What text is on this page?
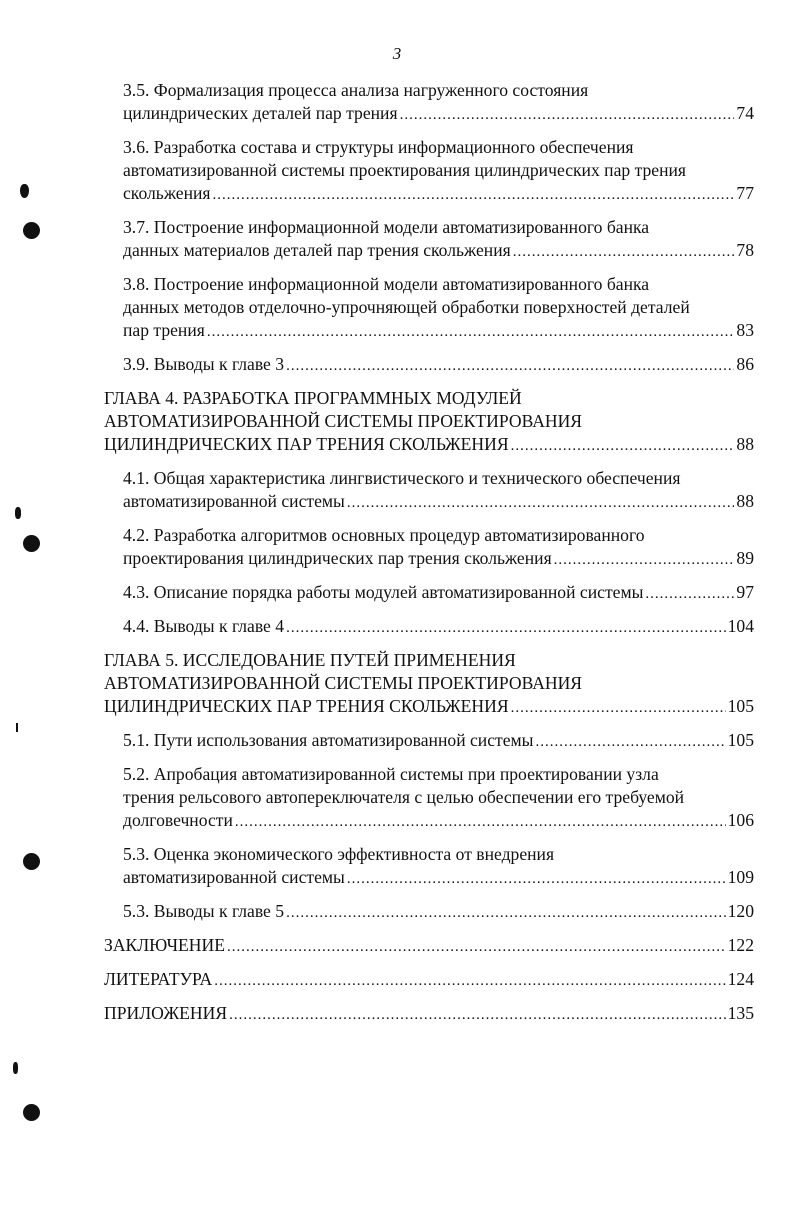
3
3.5. Формализация процесса анализа нагруженного состояния
цилиндрических деталей пар трения .....	74
3.6. Разработка состава и структуры информационного обеспечения
автоматизированной системы проектирования цилиндрических пар трения
скольжения .....	77
3.7. Построение информационной модели автоматизированного банка
данных материалов деталей пар трения скольжения .....	78
3.8. Построение информационной модели автоматизированного банка
данных методов отделочно-упрочняющей обработки поверхностей деталей
пар трения .....	83
3.9. Выводы к главе 3 .....	86
ГЛАВА 4. РАЗРАБОТКА ПРОГРАММНЫХ МОДУЛЕЙ
АВТОМАТИЗИРОВАННОЙ СИСТЕМЫ ПРОЕКТИРОВАНИЯ
ЦИЛИНДРИЧЕСКИХ ПАР ТРЕНИЯ СКОЛЬЖЕНИЯ .....	88
4.1. Общая характеристика лингвистического и технического обеспечения
автоматизированной системы .....	88
4.2. Разработка алгоритмов основных процедур автоматизированного
проектирования цилиндрических пар трения скольжения .....	89
4.3. Описание порядка работы модулей автоматизированной системы .....	97
4.4. Выводы к главе 4 .....	104
ГЛАВА 5. ИССЛЕДОВАНИЕ ПУТЕЙ ПРИМЕНЕНИЯ
АВТОМАТИЗИРОВАННОЙ СИСТЕМЫ ПРОЕКТИРОВАНИЯ
ЦИЛИНДРИЧЕСКИХ ПАР ТРЕНИЯ СКОЛЬЖЕНИЯ .....	105
5.1. Пути использования автоматизированной системы .....	105
5.2. Апробация автоматизированной системы при проектировании узла
трения рельсового автопереключателя с целью обеспечении его требуемой
долговечности .....	106
5.3. Оценка экономического эффективноста от внедрения
автоматизированной системы .....	109
5.3. Выводы к главе 5 .....	120
ЗАКЛЮЧЕНИЕ .....	122
ЛИТЕРАТУРА .....	124
ПРИЛОЖЕНИЯ .....	135
